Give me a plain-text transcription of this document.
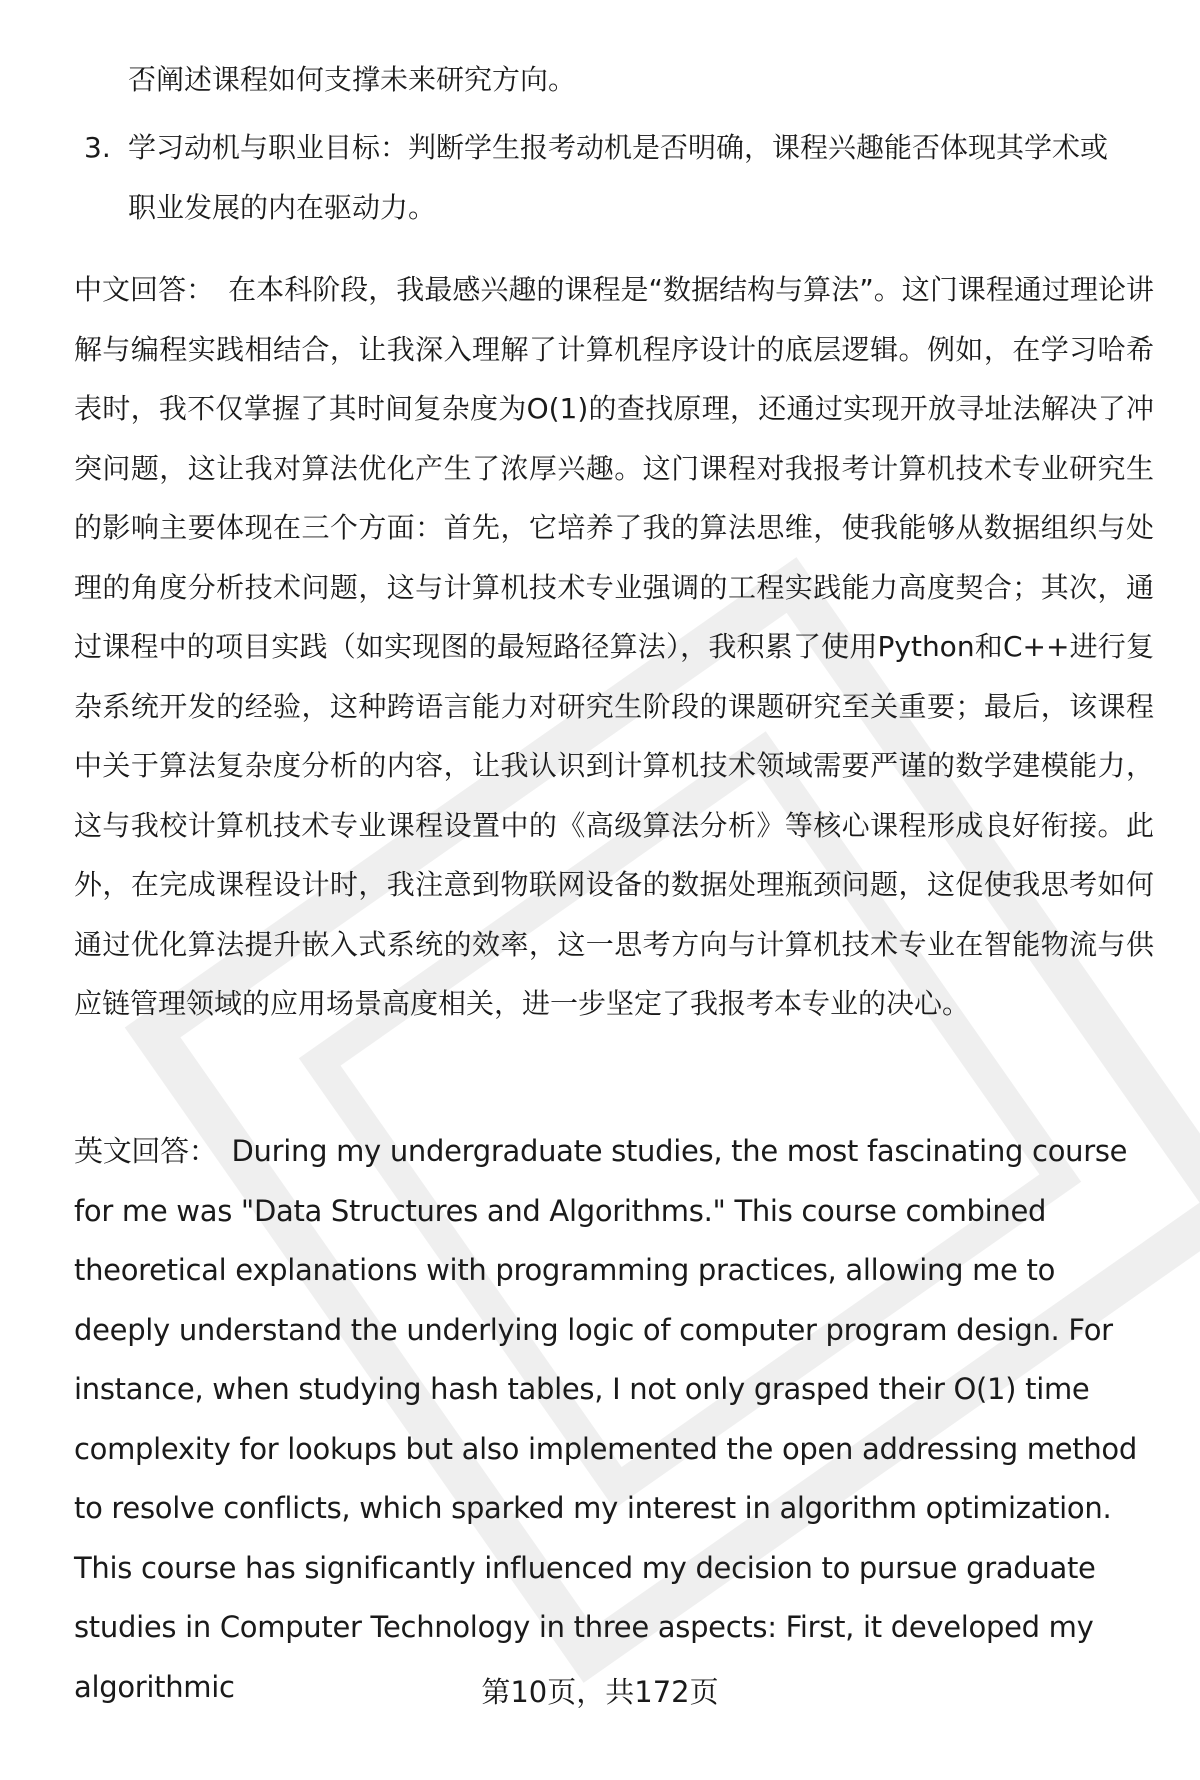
否阐述课程如何支撑未来研究方向。

3. 学习动机与职业目标：判断学生报考动机是否明确，课程兴趣能否体现其学术或职业发展的内在驱动力。

中文回答： 在本科阶段，我最感兴趣的课程是“数据结构与算法”。这门课程通过理论讲解与编程实践相结合，让我深入理解了计算机程序设计的底层逻辑。例如，在学习哈希表时，我不仅掌握了其时间复杂度为O(1)的查找原理，还通过实现开放寻址法解决了冲突问题，这让我对算法优化产生了浓厚兴趣。这门课程对我报考计算机技术专业研究生的影响主要体现在三个方面：首先，它培养了我的算法思维，使我能够从数据组织与处理的角度分析技术问题，这与计算机技术专业强调的工程实践能力高度契合；其次，通过课程中的项目实践（如实现图的最短路径算法），我积累了使用Python和C++进行复杂系统开发的经验，这种跨语言能力对研究生阶段的课题研究至关重要；最后，该课程中关于算法复杂度分析的内容，让我认识到计算机技术领域需要严谨的数学建模能力，这与我校计算机技术专业课程设置中的《高级算法分析》等核心课程形成良好衔接。此外，在完成课程设计时，我注意到物联网设备的数据处理瓶颈问题，这促使我思考如何通过优化算法提升嵌入式系统的效率，这一思考方向与计算机技术专业在智能物流与供应链管理领域的应用场景高度相关，进一步坚定了我报考本专业的决心。

英文回答： During my undergraduate studies, the most fascinating course for me was "Data Structures and Algorithms." This course combined theoretical explanations with programming practices, allowing me to deeply understand the underlying logic of computer program design. For instance, when studying hash tables, I not only grasped their O(1) time complexity for lookups but also implemented the open addressing method to resolve conflicts, which sparked my interest in algorithm optimization. This course has significantly influenced my decision to pursue graduate studies in Computer Technology in three aspects: First, it developed my algorithmic	第10页，共172页
